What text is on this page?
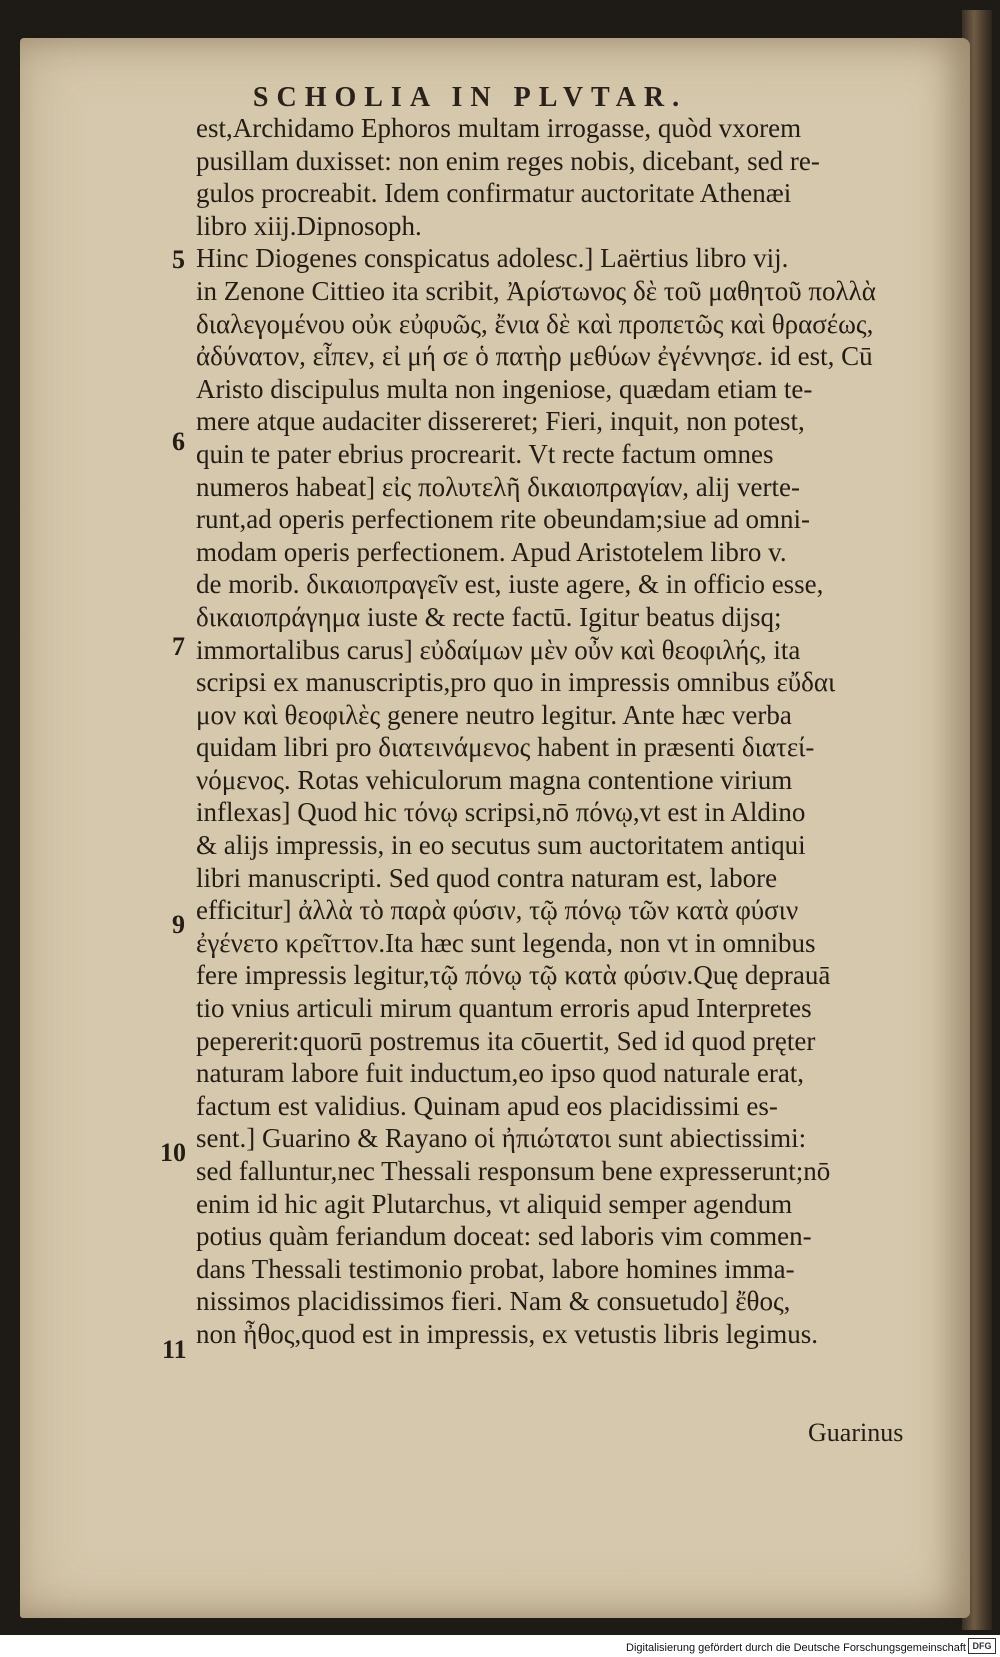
SCHOLIA IN PLVTAR.
est,Archidamo Ephoros multam irrogasse, quòd vxorem
pusillam duxisset: non enim reges nobis, dicebant, sed re-
gulos procreabit. Idem confirmatur auctoritate Athenæi
libro xiij.Dipnosoph.
Hinc Diogenes conspicatus adolesc.] Laërtius libro vij.
in Zenone Cittieo ita scribit, Ἀρίστωνος δὲ τοῦ μαθητοῦ πολλὰ
διαλεγομένου οὐκ εὐφυῶς, ἔνια δὲ καὶ προπετῶς καὶ θρασέως,
ἀδύνατον, εἶπεν, εἰ μή σε ὁ πατὴρ μεθύων ἐγέννησε. id est, Cū
Aristo discipulus multa non ingeniose, quædam etiam te-
mere atque audaciter dissereret; Fieri, inquit, non potest,
quin te pater ebrius procrearit. Vt recte factum omnes
numeros habeat] εἰς πολυτελῆ δικαιοπραγίαν, alij verte-
runt,ad operis perfectionem rite obeundam;siue ad omni-
modam operis perfectionem. Apud Aristotelem libro v.
de morib. δικαιοπραγεῖν est, iuste agere, & in officio esse,
δικαιοπράγημα iuste & recte factū. Igitur beatus dijsq;
immortalibus carus] εὐδαίμων μὲν οὖν καὶ θεοφιλής, ita
scripsi ex manuscriptis,pro quo in impressis omnibus εὔδαι
μον καὶ θεοφιλὲς genere neutro legitur. Ante hæc verba
quidam libri pro διατεινάμενος habent in præsenti διατεί-
νόμενος. Rotas vehiculorum magna contentione virium
inflexas] Quod hic τόνῳ scripsi,nō πόνῳ,vt est in Aldino
& alijs impressis, in eo secutus sum auctoritatem antiqui
libri manuscripti. Sed quod contra naturam est, labore
efficitur] ἀλλὰ τὸ παρὰ φύσιν, τῷ πόνῳ τῶν κατὰ φύσιν
ἐγένετο κρεῖττον.Ita hæc sunt legenda, non vt in omnibus
fere impressis legitur,τῷ πόνῳ τῷ κατὰ φύσιν.Quę deprauā
tio vnius articuli mirum quantum erroris apud Interpretes
pepererit:quorū postremus ita cōuertit, Sed id quod pręter
naturam labore fuit inductum,eo ipso quod naturale erat,
factum est validius. Quinam apud eos placidissimi es-
sent.] Guarino & Rayano οἱ ἠπιώτατοι sunt abiectissimi:
sed falluntur,nec Thessali responsum bene expresserunt;nō
enim id hic agit Plutarchus, vt aliquid semper agendum
potius quàm feriandum doceat: sed laboris vim commen-
dans Thessali testimonio probat, labore homines imma-
nissimos placidissimos fieri. Nam & consuetudo] ἔθος,
non ἦθος,quod est in impressis, ex vetustis libris legimus.
5
6
7
9
10
11
Guarinus
Digitalisierung gefördert durch die Deutsche Forschungsgemeinschaft DFG
